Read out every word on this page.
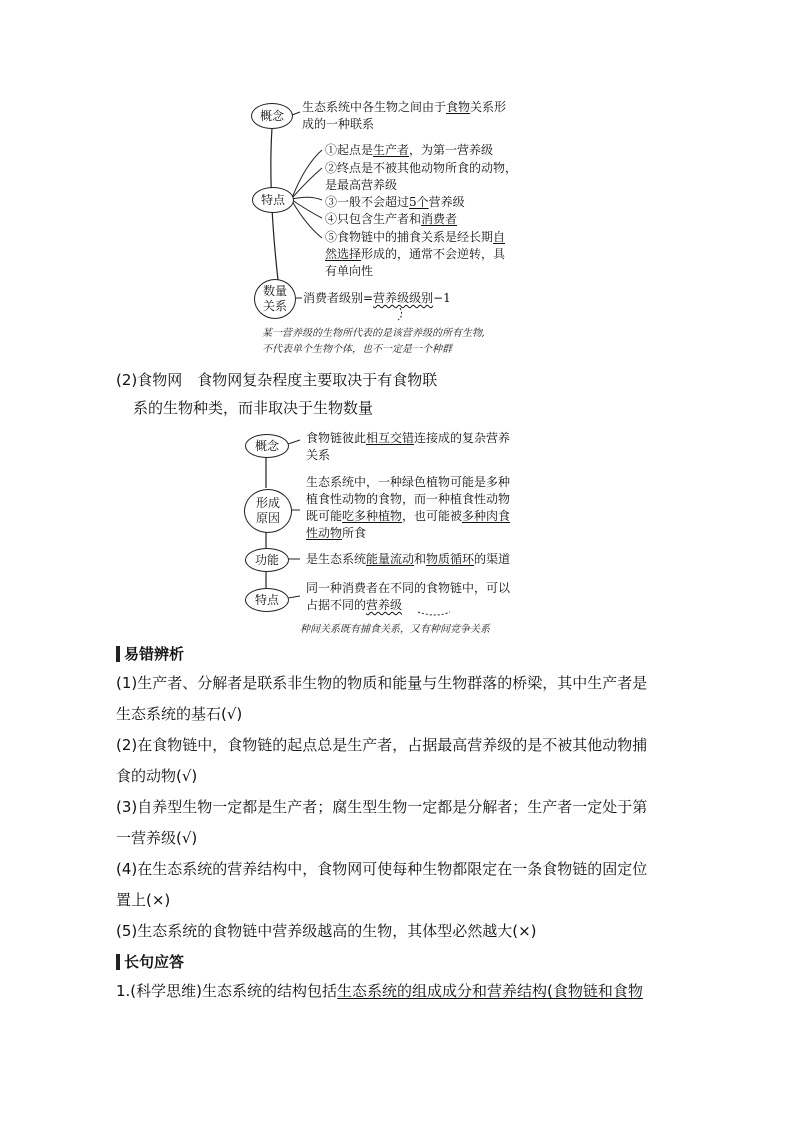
概念
生态系统中各生物之间由于食物关系形
成的一种联系
特点
①起点是生产者，为第一营养级
②终点是不被其他动物所食的动物，
是最高营养级
③一般不会超过5个营养级
④只包含生产者和消费者
⑤食物链中的捕食关系是经长期自
然选择形成的，通常不会逆转，具
有单向性
数量
关系
消费者级别=营养级级别−1
某一营养级的生物所代表的是该营养级的所有生物,
不代表单个生物个体，也不一定是一个种群
(2)食物网　食物网复杂程度主要取决于有食物联
系的生物种类，而非取决于生物数量
概念
食物链彼此相互交错连接成的复杂营养
关系
形成
原因
生态系统中，一种绿色植物可能是多种
植食性动物的食物，而一种植食性动物
既可能吃多种植物，也可能被多种肉食
性动物所食
功能 是生态系统能量流动和物质循环的渠道
特点
同一种消费者在不同的食物链中，可以
占据不同的营养级
种间关系既有捕食关系，又有种间竞争关系
易错辨析
(1)生产者、分解者是联系非生物的物质和能量与生物群落的桥梁，其中生产者是
生态系统的基石(√)
(2)在食物链中，食物链的起点总是生产者，占据最高营养级的是不被其他动物捕
食的动物(√)
(3)自养型生物一定都是生产者；腐生型生物一定都是分解者；生产者一定处于第
一营养级(√)
(4)在生态系统的营养结构中，食物网可使每种生物都限定在一条食物链的固定位
置上(×)
(5)生态系统的食物链中营养级越高的生物，其体型必然越大(×)
长句应答
1.(科学思维)生态系统的结构包括生态系统的组成成分和营养结构(食物链和食物
